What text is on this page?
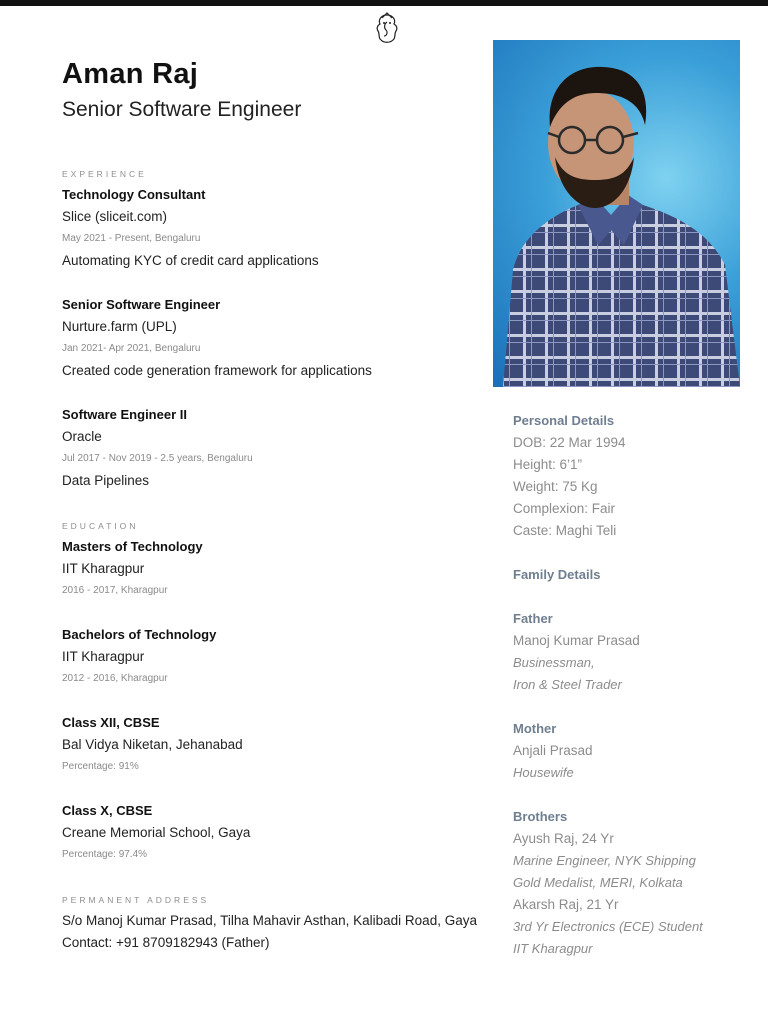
Aman Raj
Senior Software Engineer
EXPERIENCE
Technology Consultant
Slice (sliceit.com)
May 2021 - Present, Bengaluru
Automating KYC of credit card applications
Senior Software Engineer
Nurture.farm (UPL)
Jan 2021- Apr 2021, Bengaluru
Created code generation framework for applications
Software Engineer II
Oracle
Jul 2017 - Nov 2019 - 2.5 years, Bengaluru
Data Pipelines
EDUCATION
Masters of Technology
IIT Kharagpur
2016 - 2017, Kharagpur
Bachelors of Technology
IIT Kharagpur
2012 - 2016, Kharagpur
Class XII, CBSE
Bal Vidya Niketan, Jehanabad
Percentage: 91%
Class X, CBSE
Creane Memorial School, Gaya
Percentage: 97.4%
PERMANENT ADDRESS
S/o Manoj Kumar Prasad, Tilha Mahavir Asthan, Kalibadi Road, Gaya
Contact: +91 8709182943 (Father)
Personal Details
DOB: 22 Mar 1994
Height: 6’1”
Weight: 75 Kg
Complexion: Fair
Caste: Maghi Teli
Family Details
Father
Manoj Kumar Prasad
Businessman,
Iron & Steel Trader
Mother
Anjali Prasad
Housewife
Brothers
Ayush Raj, 24 Yr
Marine Engineer, NYK Shipping
Gold Medalist, MERI, Kolkata
Akarsh Raj, 21 Yr
3rd Yr Electronics (ECE) Student
IIT Kharagpur
